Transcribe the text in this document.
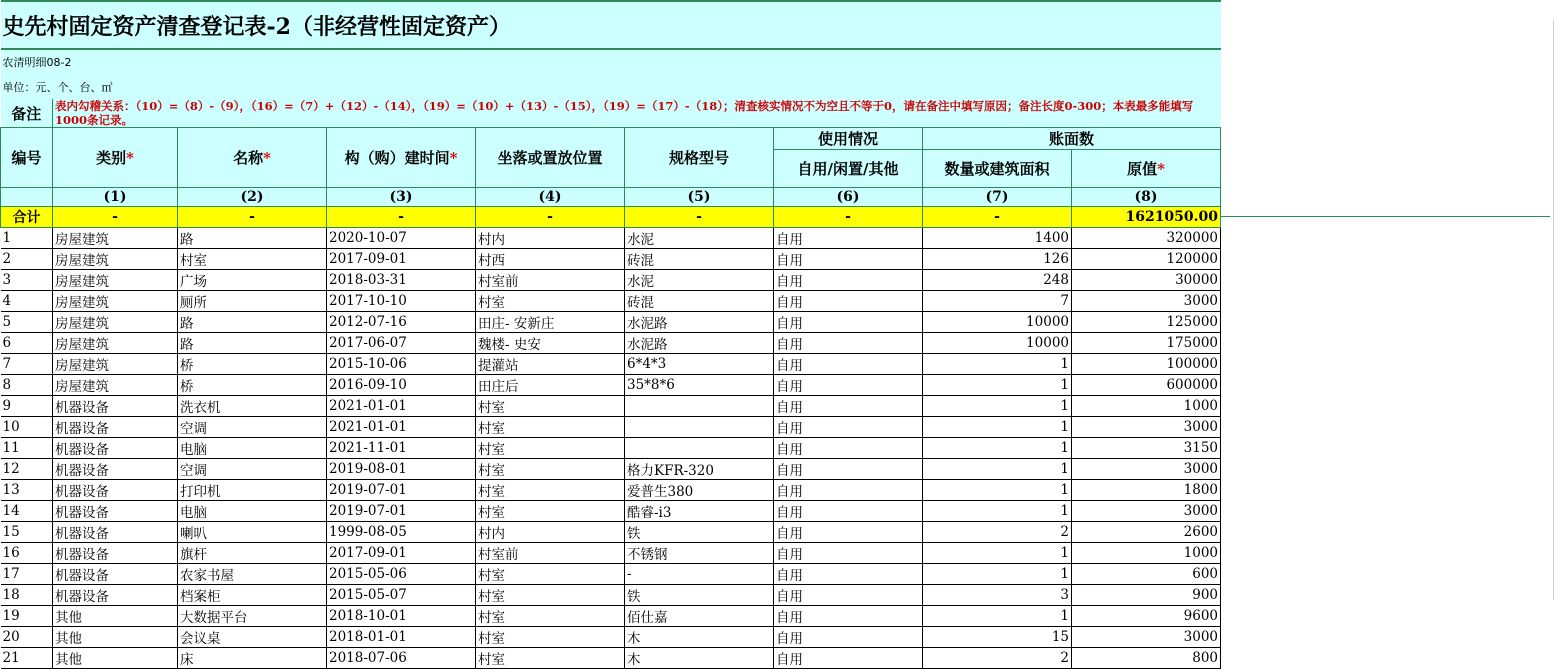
史先村固定资产清查登记表-2（非经营性固定资产）								
农清明细08-2								
单位：元、个、台、㎡								
备注	表内勾稽关系：（10）=（8）-（9），（16）=（7）+（12）-（14），（19）=（10）+（13）-（15），（19）=（17）-（18）；清查核实情况不为空且不等于0，请在备注中填写原因；备注长度0-300；本表最多能填写1000条记录。							
编号	类别*	名称*	构（购）建时间*	坐落或置放位置	规格型号	使用情况	账面数	
						自用/闲置/其他	数量或建筑面积	原值*
	(1)	(2)	(3)	(4)	(5)	(6)	(7)	(8)
合计	-	-	-	-	-	-	-	1621050.00
1	房屋建筑	路	2020-10-07	村内	水泥	自用	1400	320000
2	房屋建筑	村室	2017-09-01	村西	砖混	自用	126	120000
3	房屋建筑	广场	2018-03-31	村室前	水泥	自用	248	30000
4	房屋建筑	厕所	2017-10-10	村室	砖混	自用	7	3000
5	房屋建筑	路	2012-07-16	田庄- 安新庄	水泥路	自用	10000	125000
6	房屋建筑	路	2017-06-07	魏楼- 史安	水泥路	自用	10000	175000
7	房屋建筑	桥	2015-10-06	提灌站	6*4*3	自用	1	100000
8	房屋建筑	桥	2016-09-10	田庄后	35*8*6	自用	1	600000
9	机器设备	洗衣机	2021-01-01	村室		自用	1	1000
10	机器设备	空调	2021-01-01	村室		自用	1	3000
11	机器设备	电脑	2021-11-01	村室		自用	1	3150
12	机器设备	空调	2019-08-01	村室	格力KFR-320	自用	1	3000
13	机器设备	打印机	2019-07-01	村室	爱普生380	自用	1	1800
14	机器设备	电脑	2019-07-01	村室	酷睿-i3	自用	1	3000
15	机器设备	喇叭	1999-08-05	村内	铁	自用	2	2600
16	机器设备	旗杆	2017-09-01	村室前	不锈钢	自用	1	1000
17	机器设备	农家书屋	2015-05-06	村室	-	自用	1	600
18	机器设备	档案柜	2015-05-07	村室	铁	自用	3	900
19	其他	大数据平台	2018-10-01	村室	佰仕嘉	自用	1	9600
20	其他	会议桌	2018-01-01	村室	木	自用	15	3000
21	其他	床	2018-07-06	村室	木	自用	2	800
